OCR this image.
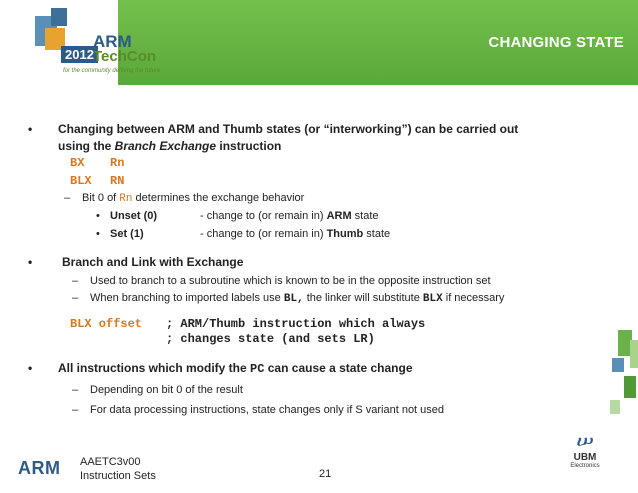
2012
ARM
TechCon
for the community defining the future
CHANGING STATE
• Changing between ARM and Thumb states (or “interworking”) can be carried out
using the Branch Exchange instruction
BX Rn
BLX RN
– Bit 0 of Rn determines the exchange behavior
• Unset (0)	- change to (or remain in) ARM state
• Set (1)	- change to (or remain in) Thumb state
• Branch and Link with Exchange
– Used to branch to a subroutine which is known to be in the opposite instruction set
– When branching to imported labels use BL, the linker will substitute BLX if necessary
BLX offset ; ARM/Thumb instruction which always
; changes state (and sets LR)
• All instructions which modify the PC can cause a state change
– Depending on bit 0 of the result
– For data processing instructions, state changes only if S variant not used
ARM AAETC3v00
Instruction Sets	21
ሠ
UBM
Electronics
